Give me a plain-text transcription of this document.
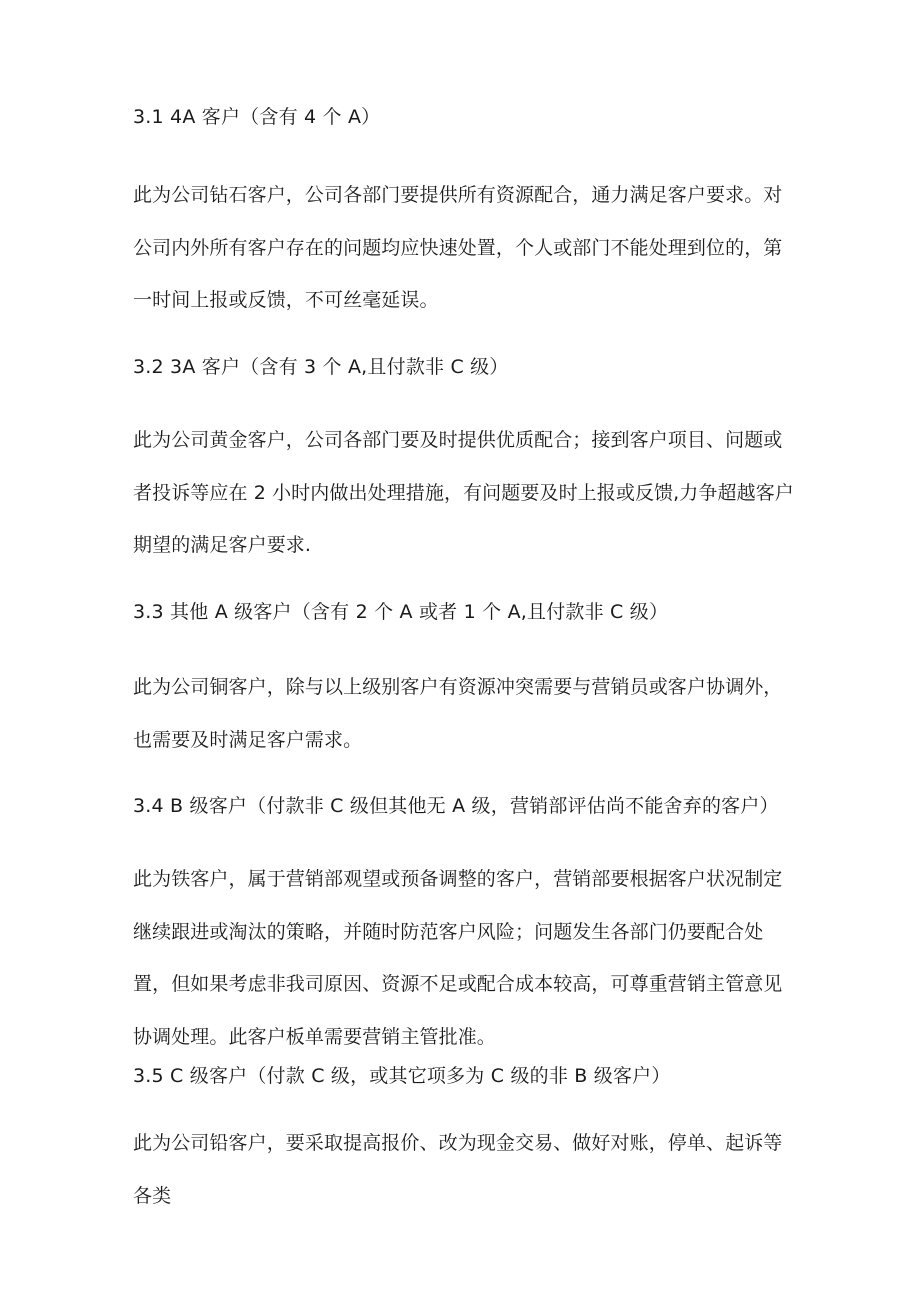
3.1 4A 客户（含有 4 个 A）
此为公司钻石客户，公司各部门要提供所有资源配合，通力满足客户要求。对公司内外所有客户存在的问题均应快速处置，个人或部门不能处理到位的，第一时间上报或反馈，不可丝毫延误。
3.2 3A 客户（含有 3 个 A,且付款非 C 级）
此为公司黄金客户，公司各部门要及时提供优质配合；接到客户项目、问题或者投诉等应在 2 小时内做出处理措施，有问题要及时上报或反馈,力争超越客户期望的满足客户要求.
3.3 其他 A 级客户（含有 2 个 A 或者 1 个 A,且付款非 C 级）
此为公司铜客户，除与以上级别客户有资源冲突需要与营销员或客户协调外，也需要及时满足客户需求。
3.4 B 级客户（付款非 C 级但其他无 A 级，营销部评估尚不能舍弃的客户）
此为铁客户，属于营销部观望或预备调整的客户，营销部要根据客户状况制定继续跟进或淘汰的策略，并随时防范客户风险；问题发生各部门仍要配合处置，但如果考虑非我司原因、资源不足或配合成本较高，可尊重营销主管意见协调处理。此客户板单需要营销主管批准。
3.5 C 级客户（付款 C 级，或其它项多为 C 级的非 B 级客户）
此为公司铅客户，要采取提高报价、改为现金交易、做好对账，停单、起诉等各类
